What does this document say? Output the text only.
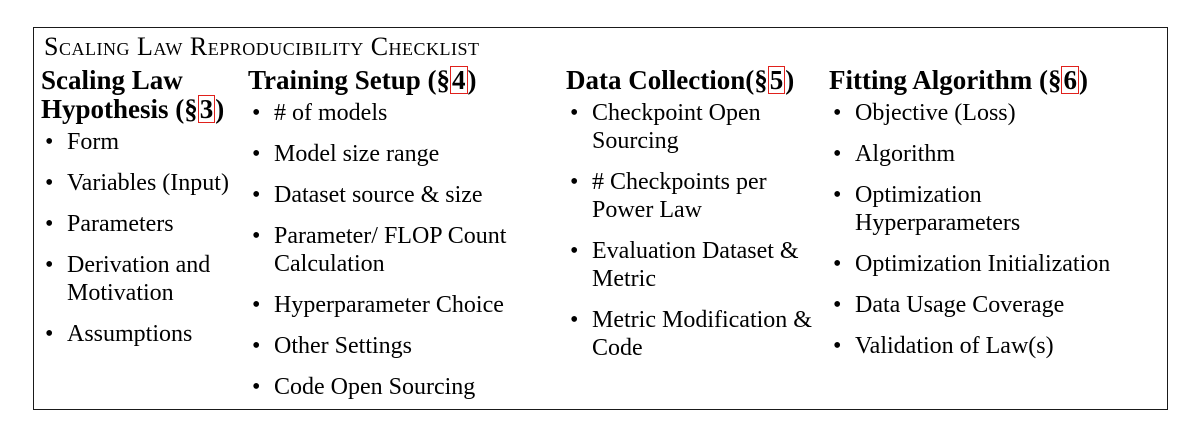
Scaling Law Reproducibility Checklist
Scaling Law
Hypothesis (§3)
• Form
• Variables (Input)
• Parameters
• Derivation and Motivation
• Assumptions
Training Setup (§4)
• # of models
• Model size range
• Dataset source & size
• Parameter/ FLOP Count Calculation
• Hyperparameter Choice
• Other Settings
• Code Open Sourcing
Data Collection(§5)
• Checkpoint Open Sourcing
• # Checkpoints per Power Law
• Evaluation Dataset & Metric
• Metric Modification & Code
Fitting Algorithm (§6)
• Objective (Loss)
• Algorithm
• Optimization Hyperparameters
• Optimization Initialization
• Data Usage Coverage
• Validation of Law(s)
